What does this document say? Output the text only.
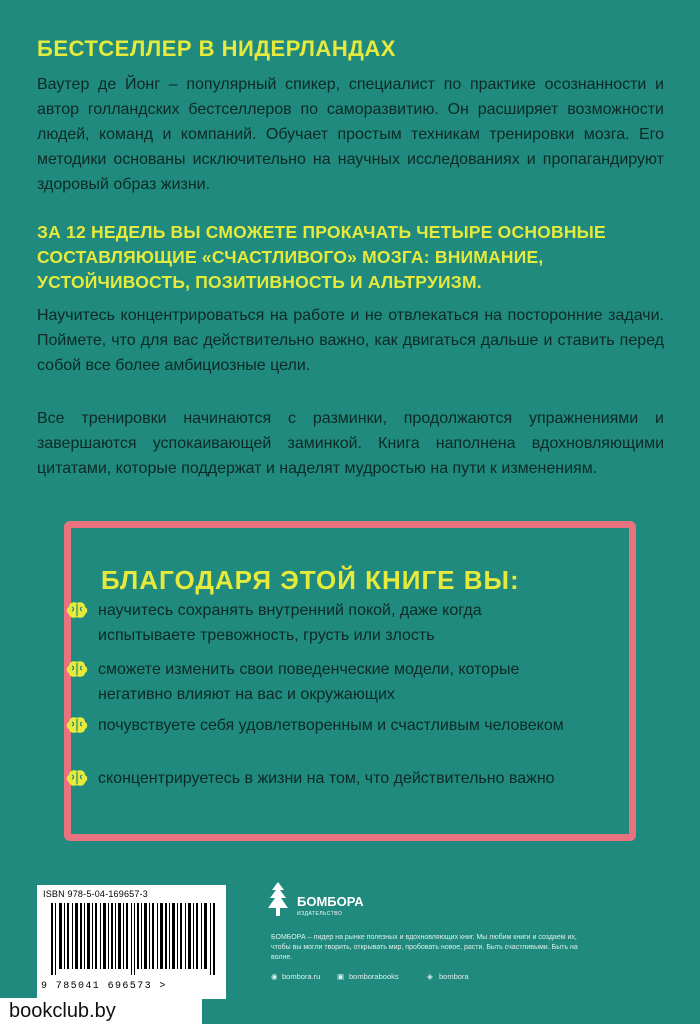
БЕСТСЕЛЛЕР В НИДЕРЛАНДАХ
Ваутер де Йонг – популярный спикер, специалист по практике осознанности и автор голландских бестселлеров по саморазвитию. Он расширяет возможности людей, команд и компаний. Обучает простым техникам тренировки мозга. Его методики основаны исключительно на научных исследованиях и пропагандируют здоровый образ жизни.
ЗА 12 НЕДЕЛЬ ВЫ СМОЖЕТЕ ПРОКАЧАТЬ ЧЕТЫРЕ ОСНОВНЫЕ СОСТАВЛЯЮЩИЕ «СЧАСТЛИВОГО» МОЗГА: ВНИМАНИЕ, УСТОЙЧИВОСТЬ, ПОЗИТИВНОСТЬ И АЛЬТРУИЗМ.
Научитесь концентрироваться на работе и не отвлекаться на посторонние задачи. Поймете, что для вас действительно важно, как двигаться дальше и ставить перед собой все более амбициозные цели.
Все тренировки начинаются с разминки, продолжаются упражнениями и завершаются успокаивающей заминкой. Книга наполнена вдохновляющими цитатами, которые поддержат и наделят мудростью на пути к изменениям.
БЛАГОДАРЯ ЭТОЙ КНИГЕ ВЫ:
научитесь сохранять внутренний покой, даже когда испытываете тревожность, грусть или злость
сможете изменить свои поведенческие модели, которые негативно влияют на вас и окружающих
почувствуете себя удовлетворенным и счастливым человеком
сконцентрируетесь в жизни на том, что действительно важно
ISBN 978-5-04-169657-3
9 785041 696573 >
БОМБОРА
ИЗДАТЕЛЬСТВО
БОМБОРА – лидер на рынке полезных и вдохновляющих книг. Мы любим книги и создаем их, чтобы вы могли творить, открывать мир, пробовать новое, расти. Быть счастливыми. Быть на волне.
◉ bombora.ru ▣ bomborabooks	◈ bombora
bookclub.by
